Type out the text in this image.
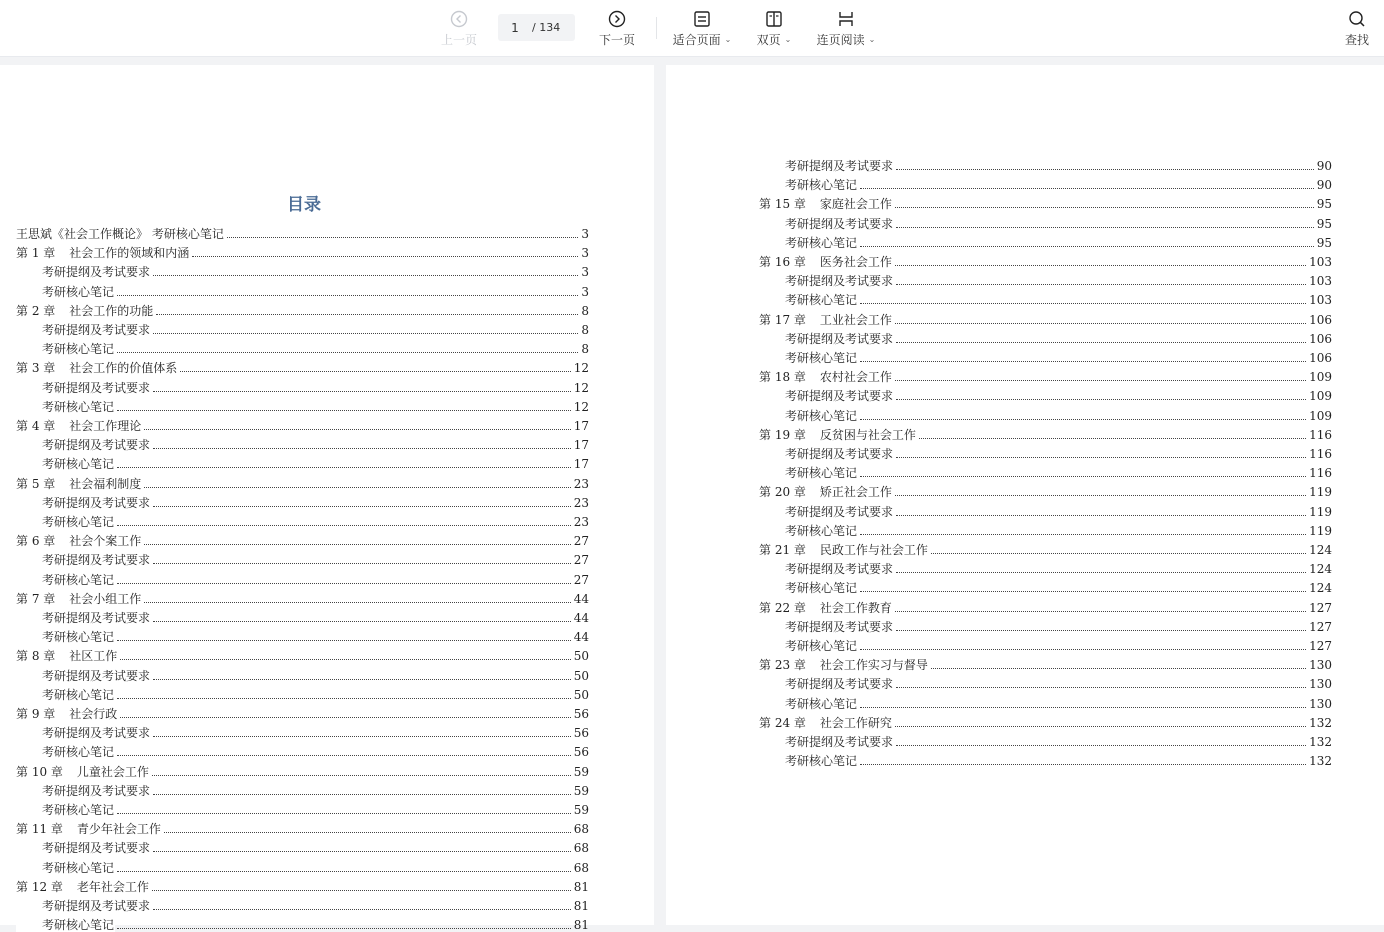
上一页
1
/ 134
下一页	适合页面 ⌄ 双页 ⌄ 连页阅读 ⌄	查找
目录
王思斌《社会工作概论》 考研核心笔记	3
第 1 章 社会工作的领域和内涵	3
考研提纲及考试要求	3
考研核心笔记	3
第 2 章 社会工作的功能	8
考研提纲及考试要求	8
考研核心笔记	8
第 3 章 社会工作的价值体系	12
考研提纲及考试要求	12
考研核心笔记	12
第 4 章 社会工作理论	17
考研提纲及考试要求	17
考研核心笔记	17
第 5 章 社会福利制度	23
考研提纲及考试要求	23
考研核心笔记	23
第 6 章 社会个案工作	27
考研提纲及考试要求	27
考研核心笔记	27
第 7 章 社会小组工作	44
考研提纲及考试要求	44
考研核心笔记	44
第 8 章 社区工作	50
考研提纲及考试要求	50
考研核心笔记	50
第 9 章 社会行政	56
考研提纲及考试要求	56
考研核心笔记	56
第 10 章 儿童社会工作	59
考研提纲及考试要求	59
考研核心笔记	59
第 11 章 青少年社会工作	68
考研提纲及考试要求	68
考研核心笔记	68
第 12 章 老年社会工作	81
考研提纲及考试要求	81
考研核心笔记	81
考研提纲及考试要求	90
考研核心笔记	90
第 15 章 家庭社会工作	95
考研提纲及考试要求	95
考研核心笔记	95
第 16 章 医务社会工作	103
考研提纲及考试要求	103
考研核心笔记	103
第 17 章 工业社会工作	106
考研提纲及考试要求	106
考研核心笔记	106
第 18 章 农村社会工作	109
考研提纲及考试要求	109
考研核心笔记	109
第 19 章 反贫困与社会工作	116
考研提纲及考试要求	116
考研核心笔记	116
第 20 章 矫正社会工作	119
考研提纲及考试要求	119
考研核心笔记	119
第 21 章 民政工作与社会工作	124
考研提纲及考试要求	124
考研核心笔记	124
第 22 章 社会工作教育	127
考研提纲及考试要求	127
考研核心笔记	127
第 23 章 社会工作实习与督导	130
考研提纲及考试要求	130
考研核心笔记	130
第 24 章 社会工作研究	132
考研提纲及考试要求	132
考研核心笔记	132
